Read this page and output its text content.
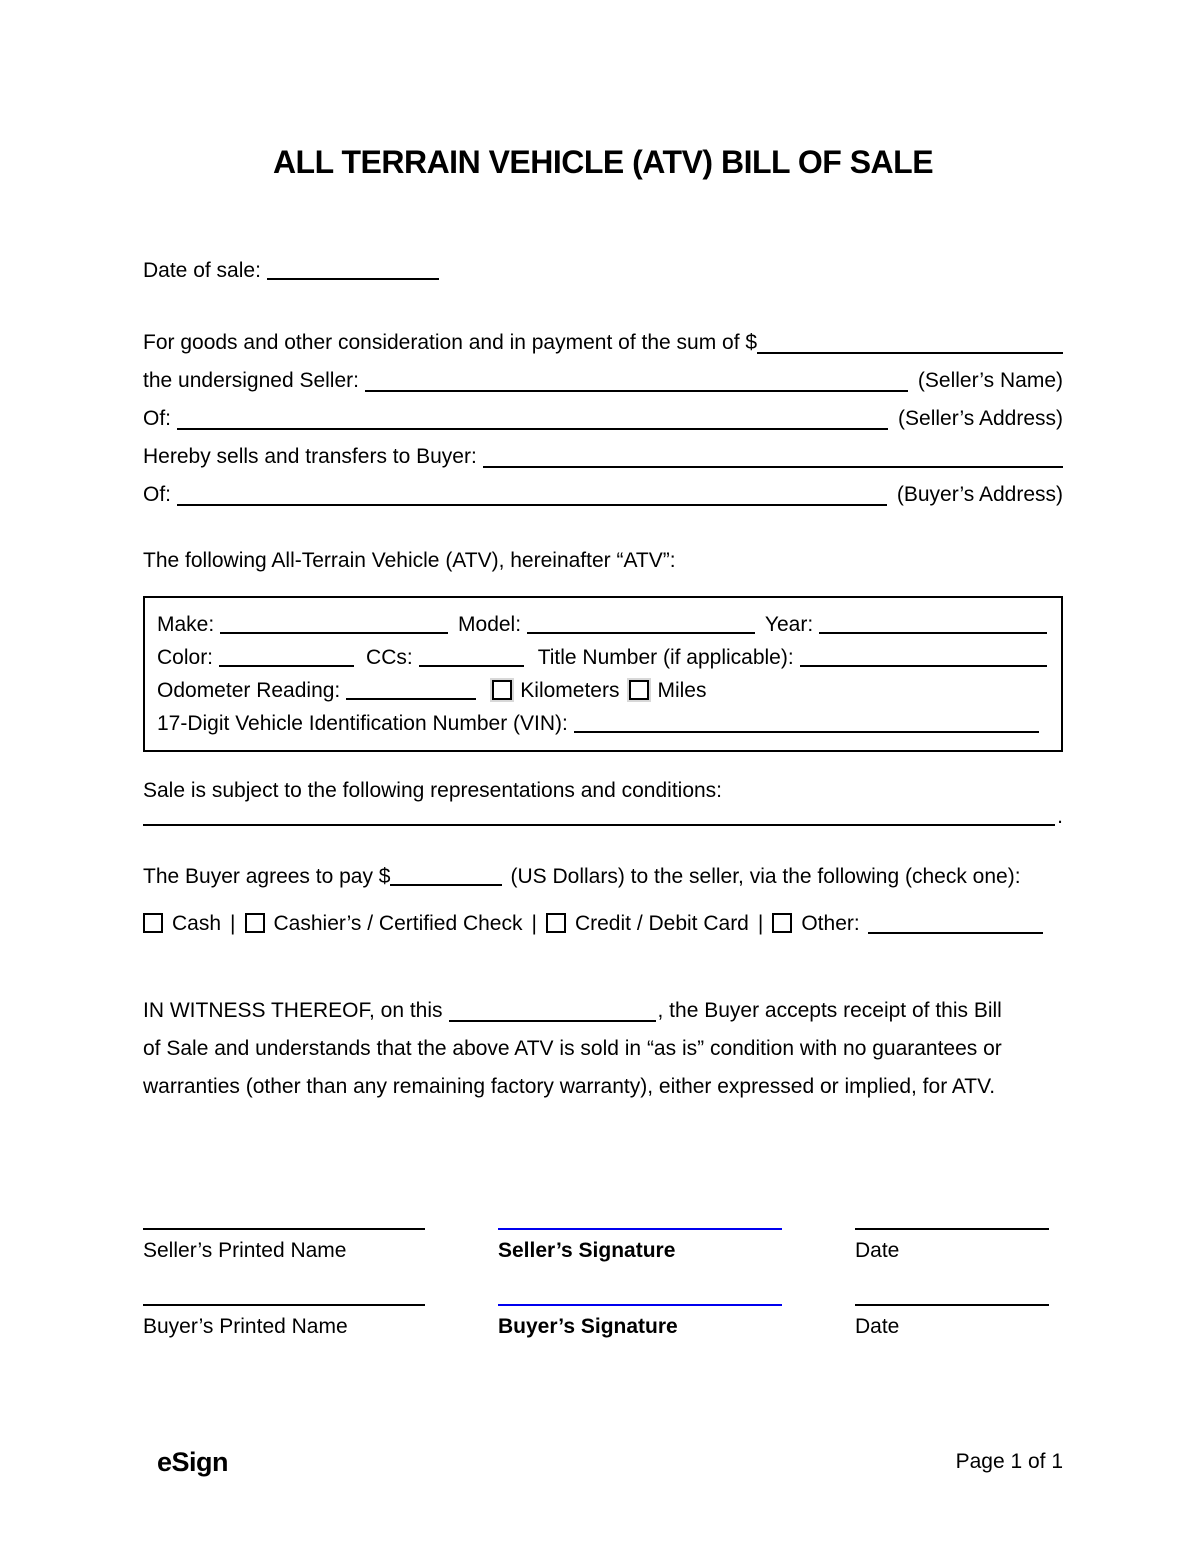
ALL TERRAIN VEHICLE (ATV) BILL OF SALE
Date of sale:
For goods and other consideration and in payment of the sum of $
the undersigned Seller:	(Seller’s Name)
Of:	(Seller’s Address)
Hereby sells and transfers to Buyer:
Of:	(Buyer’s Address)
The following All-Terrain Vehicle (ATV), hereinafter “ATV”:
Make:	Model:	Year:
Color:	CCs:	Title Number (if applicable):
Odometer Reading:	Kilometers Miles
17-Digit Vehicle Identification Number (VIN):
Sale is subject to the following representations and conditions:
.
The Buyer agrees to pay $	(US Dollars) to the seller, via the following (check one):
Cash | Cashier’s / Certified Check | Credit / Debit Card | Other:
IN WITNESS THEREOF, on this	, the Buyer accepts receipt of this Bill
of Sale and understands that the above ATV is sold in “as is” condition with no guarantees or
warranties (other than any remaining factory warranty), either expressed or implied, for ATV.
Seller’s Printed Name	Seller’s Signature	Date
Buyer’s Printed Name	Buyer’s Signature	Date
eSign	Page 1 of 1
